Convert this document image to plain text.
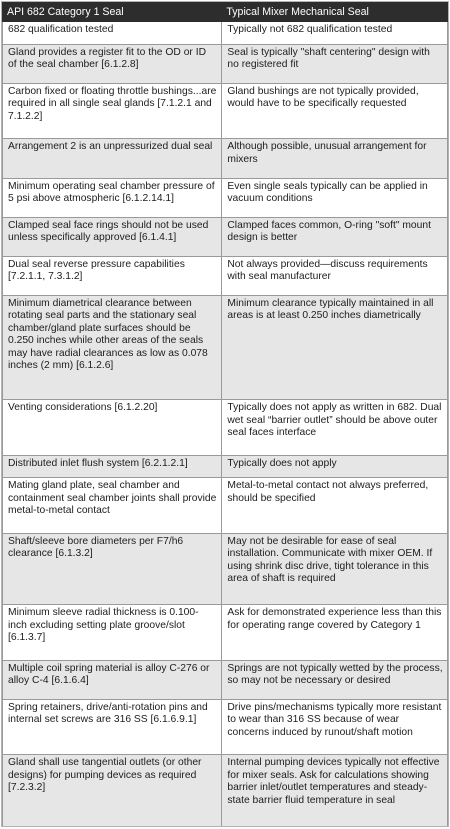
API 682 Category 1 Seal	Typical Mixer Mechanical Seal
682 qualification tested	Typically not 682 qualification tested
Gland provides a register fit to the OD or ID of the seal chamber [6.1.2.8]	Seal is typically "shaft centering" design with no registered fit
Carbon fixed or floating throttle bushings...are required in all single seal glands [7.1.2.1 and 7.1.2.2]	Gland bushings are not typically provided, would have to be specifically requested
Arrangement 2 is an unpressurized dual seal	Although possible, unusual arrangement for mixers
Minimum operating seal chamber pressure of 5 psi above atmospheric [6.1.2.14.1]	Even single seals typically can be applied in vacuum conditions
Clamped seal face rings should not be used unless specifically approved [6.1.4.1]	Clamped faces common, O-ring "soft" mount design is better
Dual seal reverse pressure capabilities [7.2.1.1, 7.3.1.2]	Not always provided—discuss requirements with seal manufacturer
Minimum diametrical clearance between rotating seal parts and the stationary seal chamber/gland plate surfaces should be 0.250 inches while other areas of the seals may have radial clearances as low as 0.078 inches (2 mm) [6.1.2.6]	Minimum clearance typically maintained in all areas is at least 0.250 inches diametrically
Venting considerations [6.1.2.20]	Typically does not apply as written in 682. Dual wet seal “barrier outlet” should be above outer seal faces interface
Distributed inlet flush system [6.2.1.2.1]	Typically does not apply
Mating gland plate, seal chamber and containment seal chamber joints shall provide metal-to-metal contact	Metal-to-metal contact not always preferred, should be specified
Shaft/sleeve bore diameters per F7/h6 clearance [6.1.3.2]	May not be desirable for ease of seal installation. Communicate with mixer OEM. If using shrink disc drive, tight tolerance in this area of shaft is required
Minimum sleeve radial thickness is 0.100-inch excluding setting plate groove/slot [6.1.3.7]	Ask for demonstrated experience less than this for operating range covered by Category 1
Multiple coil spring material is alloy C-276 or alloy C-4 [6.1.6.4]	Springs are not typically wetted by the process, so may not be necessary or desired
Spring retainers, drive/anti-rotation pins and internal set screws are 316 SS [6.1.6.9.1]	Drive pins/mechanisms typically more resistant to wear than 316 SS because of wear concerns induced by runout/shaft motion
Gland shall use tangential outlets (or other designs) for pumping devices as required [7.2.3.2]	Internal pumping devices typically not effective for mixer seals. Ask for calculations showing barrier inlet/outlet temperatures and steady-state barrier fluid temperature in seal
